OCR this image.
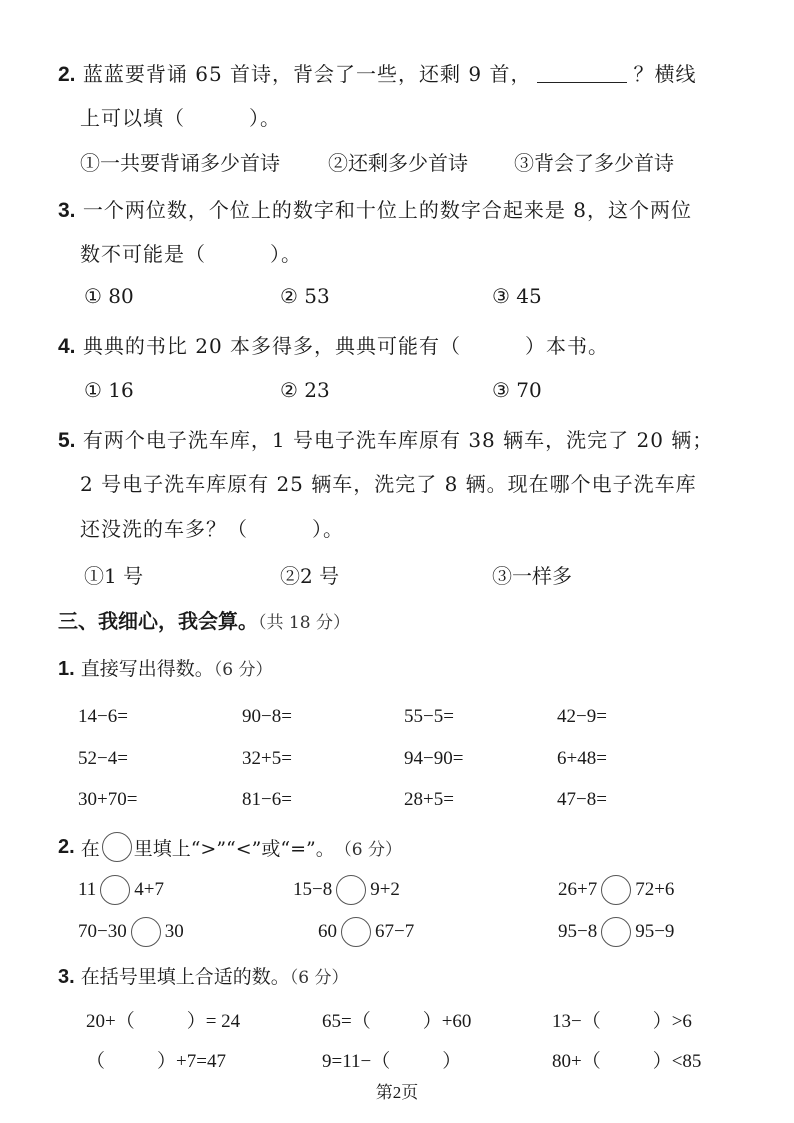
2. 蓝蓝要背诵 65 首诗，背会了一些，还剩 9 首，	？横线
上可以填（	）。
①一共要背诵多少首诗 ②还剩多少首诗 ③背会了多少首诗
3. 一个两位数，个位上的数字和十位上的数字合起来是 8，这个两位
数不可能是（	）。
① 80	② 53	③ 45
4. 典典的书比 20 本多得多，典典可能有（	）本书。
① 16	② 23	③ 70
5. 有两个电子洗车库，1 号电子洗车库原有 38 辆车，洗完了 20 辆；
2 号电子洗车库原有 25 辆车，洗完了 8 辆。现在哪个电子洗车库
还没洗的车多？（	）。
①1 号	②2 号	③一样多
三、我细心，我会算。（共 18 分）
1. 直接写出得数。（6 分）
14−6=	90−8=	55−5=	42−9=
52−4=	32+5=	94−90=	6+48=
30+70=	81−6=	28+5=	47−8=
2. 在 里填上“>”“<”或“=”。 （6 分）
11 4+7	15−8 9+2	26+7 72+6
70−30 30	60 67−7	95−8 95−9
3. 在括号里填上合适的数。（6 分）
20+（	）= 24	65=（	）+60	13−（	）>6
（	）+7=47	9=11−（	）	80+（	）<85
第2页
